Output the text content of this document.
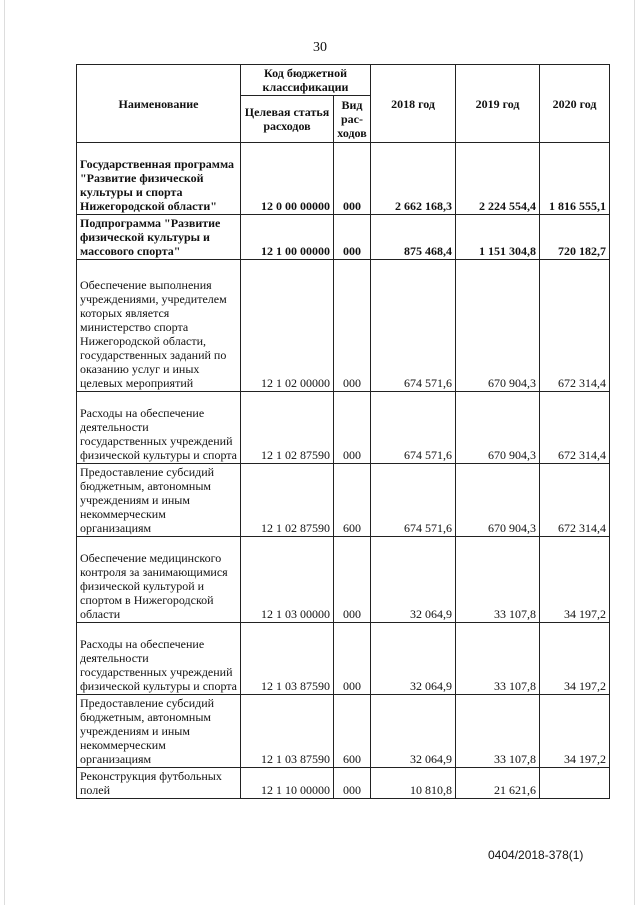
30
Наименование	Код бюджетной классификации		2018 год	2019 год	2020 год
	Целевая статья расходов	Вид рас-ходов			
Государственная программа "Развитие физической культуры и спорта Нижегородской области"	12 0 00 00000	000	2 662 168,3	2 224 554,4	1 816 555,1
Подпрограмма "Развитие физической культуры и массового спорта"	12 1 00 00000	000	875 468,4	1 151 304,8	720 182,7
Обеспечение выполнения учреждениями, учредителем которых является министерство спорта Нижегородской области, государственных заданий по оказанию услуг и иных целевых мероприятий	12 1 02 00000	000	674 571,6	670 904,3	672 314,4
Расходы на обеспечение деятельности государственных учреждений физической культуры и спорта	12 1 02 87590	000	674 571,6	670 904,3	672 314,4
Предоставление субсидий бюджетным, автономным учреждениям и иным некоммерческим организациям	12 1 02 87590	600	674 571,6	670 904,3	672 314,4
Обеспечение медицинского контроля за занимающимися физической культурой и спортом в Нижегородской области	12 1 03 00000	000	32 064,9	33 107,8	34 197,2
Расходы на обеспечение деятельности государственных учреждений физической культуры и спорта	12 1 03 87590	000	32 064,9	33 107,8	34 197,2
Предоставление субсидий бюджетным, автономным учреждениям и иным некоммерческим организациям	12 1 03 87590	600	32 064,9	33 107,8	34 197,2
Реконструкция футбольных полей	12 1 10 00000	000	10 810,8	21 621,6	
0404/2018-378(1)
